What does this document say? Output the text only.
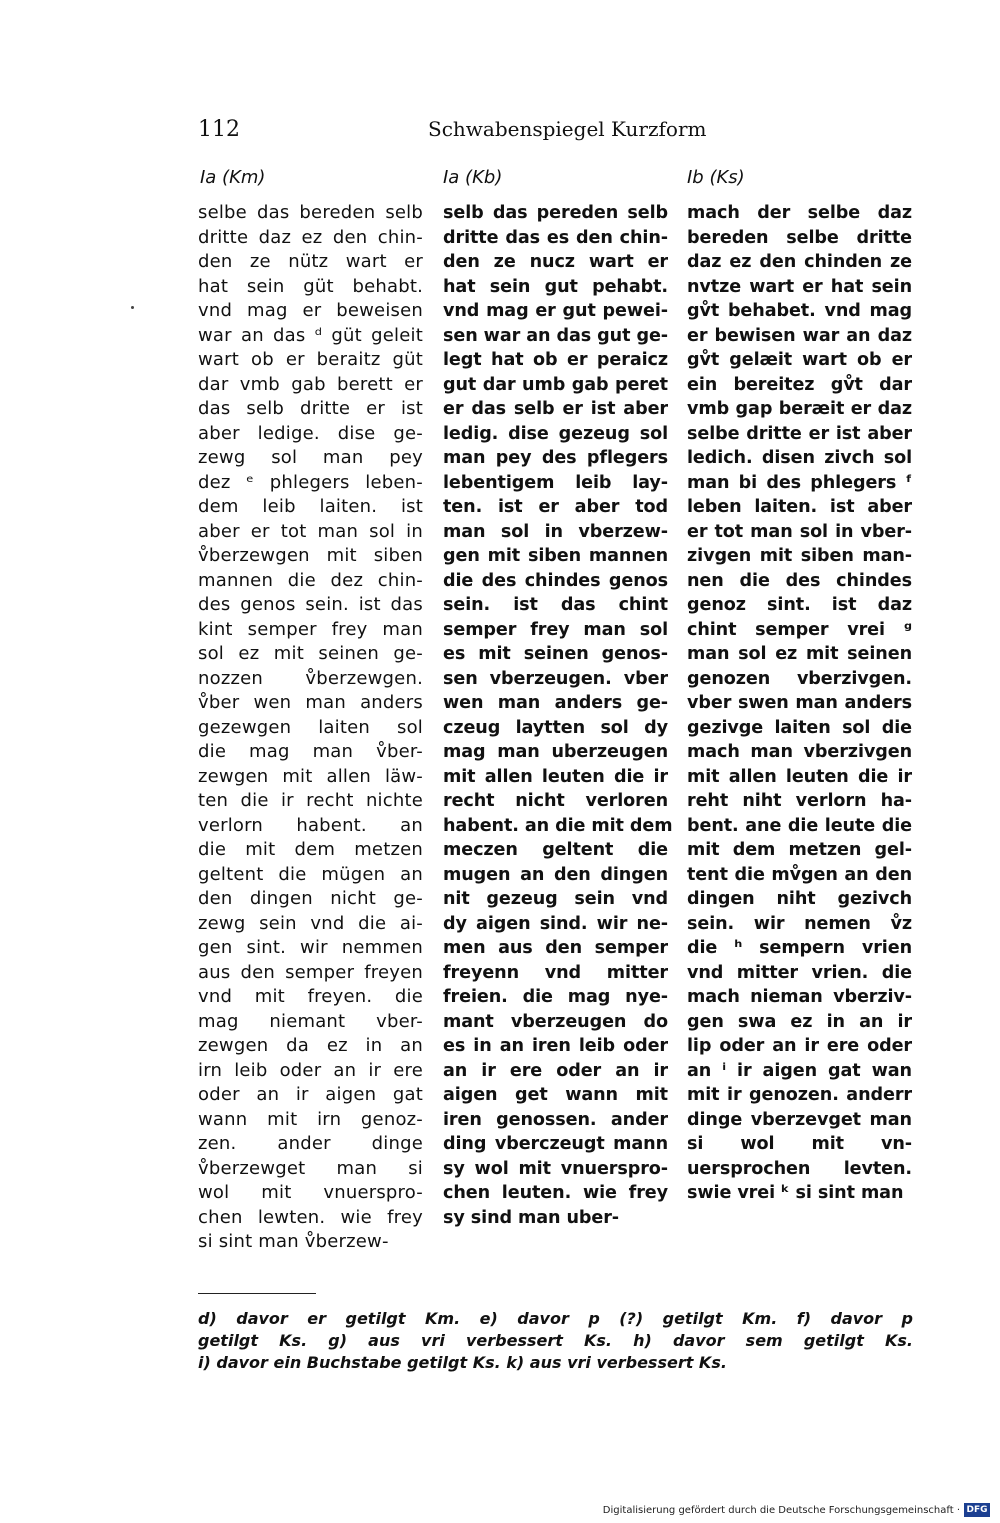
112	Schwabenspiegel Kurzform
Ia (Km)
selbe das bereden selb
dritte daz ez den chin-
den ze nütz wart er
hat sein güt behabt.
vnd mag er beweisen
war an das ᵈ güt geleit
wart ob er beraitz güt
dar vmb gab berett er
das selb dritte er ist
aber ledige. dise ge-
zewg sol man pey
dez ᵉ phlegers leben-
dem leib laiten. ist
aber er tot man sol in
v̊berzewgen mit siben
mannen die dez chin-
des genos sein. ist das
kint semper frey man
sol ez mit seinen ge-
nozzen v̊berzewgen.
v̊ber wen man anders
gezewgen laiten sol
die mag man v̊ber-
zewgen mit allen läw-
ten die ir recht nichte
verlorn habent. an
die mit dem metzen
geltent die mügen an
den dingen nicht ge-
zewg sein vnd die ai-
gen sint. wir nemmen
aus den semper freyen
vnd mit freyen. die
mag niemant vber-
zewgen da ez in an
irn leib oder an ir ere
oder an ir aigen gat
wann mit irn genoz-
zen. ander dinge
v̊berzewget man si
wol mit vnuerspro-
chen lewten. wie frey
si sint man v̊berzew-
Ia (Kb)
selb das pereden selb
dritte das es den chin-
den ze nucz wart er
hat sein gut pehabt.
vnd mag er gut pewei-
sen war an das gut ge-
legt hat ob er peraicz
gut dar umb gab peret
er das selb er ist aber
ledig. dise gezeug sol
man pey des pflegers
lebentigem leib lay-
ten. ist er aber tod
man sol in vberzew-
gen mit siben mannen
die des chindes genos
sein. ist das chint
semper frey man sol
es mit seinen genos-
sen vberzeugen. vber
wen man anders ge-
czeug laytten sol dy
mag man uberzeugen
mit allen leuten die ir
recht nicht verloren
habent. an die mit dem
meczen geltent die
mugen an den dingen
nit gezeug sein vnd
dy aigen sind. wir ne-
men aus den semper
freyenn vnd mitter
freien. die mag nye-
mant vberzeugen do
es in an iren leib oder
an ir ere oder an ir
aigen get wann mit
iren genossen. ander
ding vberczeugt mann
sy wol mit vnuerspro-
chen leuten. wie frey
sy sind man uber-
Ib (Ks)
mach der selbe daz
bereden selbe dritte
daz ez den chinden ze
nvtze wart er hat sein
gv̊t behabet. vnd mag
er bewisen war an daz
gv̊t gelæit wart ob er
ein bereitez gv̊t dar
vmb gap beræit er daz
selbe dritte er ist aber
ledich. disen zivch sol
man bi des phlegers ᶠ
leben laiten. ist aber
er tot man sol in vber-
zivgen mit siben man-
nen die des chindes
genoz sint. ist daz
chint semper vrei ᵍ
man sol ez mit seinen
genozen vberzivgen.
vber swen man anders
gezivge laiten sol die
mach man vberzivgen
mit allen leuten die ir
reht niht verlorn ha-
bent. ane die leute die
mit dem metzen gel-
tent die mv̊gen an den
dingen niht gezivch
sein. wir nemen v̊z
die ʰ sempern vrien
vnd mitter vrien. die
mach nieman vberziv-
gen swa ez in an ir
lip oder an ir ere oder
an ⁱ ir aigen gat wan
mit ir genozen. anderr
dinge vberzevget man
si wol mit vn-
uersprochen levten.
swie vrei ᵏ si sint man
d) davor er getilgt Km. e) davor p (?) getilgt Km. f) davor p
getilgt Ks. g) aus vri verbessert Ks. h) davor sem getilgt Ks.
i) davor ein Buchstabe getilgt Ks. k) aus vri verbessert Ks.
Digitalisierung gefördert durch die Deutsche Forschungsgemeinschaft · DFG
